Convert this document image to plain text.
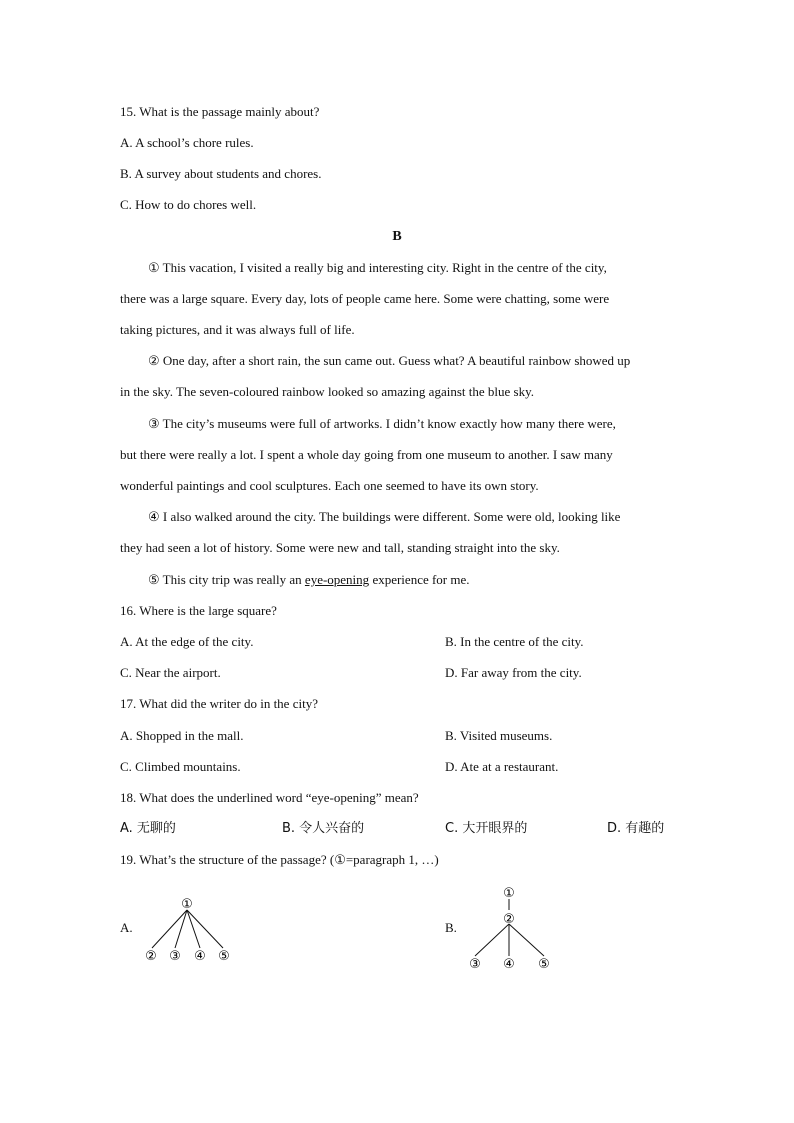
15. What is the passage mainly about?
A. A school’s chore rules.
B. A survey about students and chores.
C. How to do chores well.
B
① This vacation, I visited a really big and interesting city. Right in the centre of the city,
there was a large square. Every day, lots of people came here. Some were chatting, some were
taking pictures, and it was always full of life.
② One day, after a short rain, the sun came out. Guess what? A beautiful rainbow showed up
in the sky. The seven-coloured rainbow looked so amazing against the blue sky.
③ The city’s museums were full of artworks. I didn’t know exactly how many there were,
but there were really a lot. I spent a whole day going from one museum to another. I saw many
wonderful paintings and cool sculptures. Each one seemed to have its own story.
④ I also walked around the city. The buildings were different. Some were old, looking like
they had seen a lot of history. Some were new and tall, standing straight into the sky.
⑤ This city trip was really an eye-opening experience for me.
16. Where is the large square?
A. At the edge of the city.	B. In the centre of the city.
C. Near the airport.	D. Far away from the city.
17. What did the writer do in the city?
A. Shopped in the mall.	B. Visited museums.
C. Climbed mountains.	D. Ate at a restaurant.
18. What does the underlined word “eye-opening” mean?
A. 无聊的	B. 令人兴奋的	C. 大开眼界的	D. 有趣的
19. What’s the structure of the passage? (①=paragraph 1, …)
A.
①
② ③ ④ ⑤
B.
①
②
③ ④ ⑤
